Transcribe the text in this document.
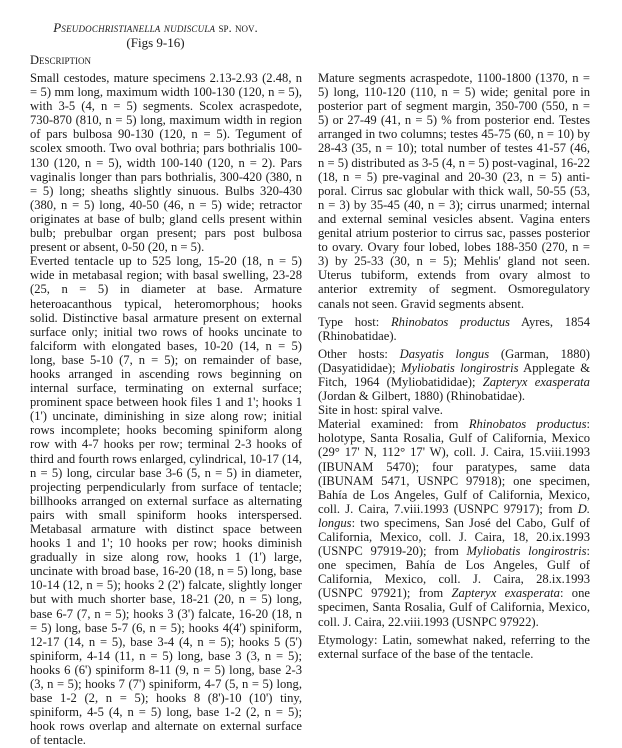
Pseudochristianella nudiscula sp. nov.
(Figs 9-16)
Description

Small cestodes, mature specimens 2.13-2.93 (2.48, n = 5) mm long, maximum width 100-130 (120, n = 5), with 3-5 (4, n = 5) segments. Scolex acraspedote, 730-870 (810, n = 5) long, maximum width in region of pars bulbosa 90-130 (120, n = 5). Tegument of scolex smooth. Two oval bothria; pars bothrialis 100-130 (120, n = 5), width 100-140 (120, n = 2). Pars vaginalis longer than pars bothrialis, 300-420 (380, n = 5) long; sheaths slightly sinuous. Bulbs 320-430 (380, n = 5) long, 40-50 (46, n = 5) wide; retractor originates at base of bulb; gland cells present within bulb; prebulbar organ present; pars post bulbosa present or absent, 0-50 (20, n = 5).

Everted tentacle up to 525 long, 15-20 (18, n = 5) wide in metabasal region; with basal swelling, 23-28 (25, n = 5) in diameter at base. Armature heteroacanthous typical, heteromorphous; hooks solid. Distinctive basal armature present on external surface only; initial two rows of hooks uncinate to falciform with elongated bases, 10-20 (14, n = 5) long, base 5-10 (7, n = 5); on remainder of base, hooks arranged in ascending rows beginning on internal surface, terminating on external surface; prominent space between hook files 1 and 1'; hooks 1 (1') uncinate, diminishing in size along row; initial rows incomplete; hooks becoming spiniform along row with 4-7 hooks per row; terminal 2-3 hooks of third and fourth rows enlarged, cylindrical, 10-17 (14, n = 5) long, circular base 3-6 (5, n = 5) in diameter, projecting perpendicularly from surface of tentacle; billhooks arranged on external surface as alternating pairs with small spiniform hooks interspersed. Metabasal armature with distinct space between hooks 1 and 1'; 10 hooks per row; hooks diminish gradually in size along row, hooks 1 (1') large, uncinate with broad base, 16-20 (18, n = 5) long, base 10-14 (12, n = 5); hooks 2 (2') falcate, slightly longer but with much shorter base, 18-21 (20, n = 5) long, base 6-7 (7, n = 5); hooks 3 (3') falcate, 16-20 (18, n = 5) long, base 5-7 (6, n = 5); hooks 4(4') spiniform, 12-17 (14, n = 5), base 3-4 (4, n = 5); hooks 5 (5') spiniform, 4-14 (11, n = 5) long, base 3 (3, n = 5); hooks 6 (6') spiniform 8-11 (9, n = 5) long, base 2-3 (3, n = 5); hooks 7 (7') spiniform, 4-7 (5, n = 5) long, base 1-2 (2, n = 5); hooks 8 (8')-10 (10') tiny, spiniform, 4-5 (4, n = 5) long, base 1-2 (2, n = 5); hook rows overlap and alternate on external surface of tentacle.

Mature segments acraspedote, 1100-1800 (1370, n = 5) long, 110-120 (110, n = 5) wide; genital pore in posterior part of segment margin, 350-700 (550, n = 5) or 27-49 (41, n = 5) % from posterior end. Testes arranged in two columns; testes 45-75 (60, n = 10) by 28-43 (35, n = 10); total number of testes 41-57 (46, n = 5) distributed as 3-5 (4, n = 5) post-vaginal, 16-22 (18, n = 5) pre-vaginal and 20-30 (23, n = 5) anti-poral. Cirrus sac globular with thick wall, 50-55 (53, n = 3) by 35-45 (40, n = 3); cirrus unarmed; internal and external seminal vesicles absent. Vagina enters genital atrium posterior to cirrus sac, passes posterior to ovary. Ovary four lobed, lobes 188-350 (270, n = 3) by 25-33 (30, n = 5); Mehlis' gland not seen. Uterus tubiform, extends from ovary almost to anterior extremity of segment. Osmoregulatory canals not seen. Gravid segments absent.

Type host: Rhinobatos productus Ayres, 1854 (Rhinobatidae).

Other hosts: Dasyatis longus (Garman, 1880) (Dasyatididae); Myliobatis longirostris Applegate & Fitch, 1964 (Myliobatididae); Zapteryx exasperata (Jordan & Gilbert, 1880) (Rhinobatidae).

Site in host: spiral valve.

Material examined: from Rhinobatos productus: holotype, Santa Rosalia, Gulf of California, Mexico (29° 17' N, 112° 17' W), coll. J. Caira, 15.viii.1993 (IBUNAM 5470); four paratypes, same data (IBUNAM 5471, USNPC 97918); one specimen, Bahía de Los Angeles, Gulf of California, Mexico, coll. J. Caira, 7.viii.1993 (USNPC 97917); from D. longus: two specimens, San José del Cabo, Gulf of California, Mexico, coll. J. Caira, 18, 20.ix.1993 (USNPC 97919-20); from Myliobatis longirostris: one specimen, Bahía de Los Angeles, Gulf of California, Mexico, coll. J. Caira, 28.ix.1993 (USNPC 97921); from Zapteryx exasperata: one specimen, Santa Rosalia, Gulf of California, Mexico, coll. J. Caira, 22.viii.1993 (USNPC 97922).

Etymology: Latin, somewhat naked, referring to the external surface of the base of the tentacle.
